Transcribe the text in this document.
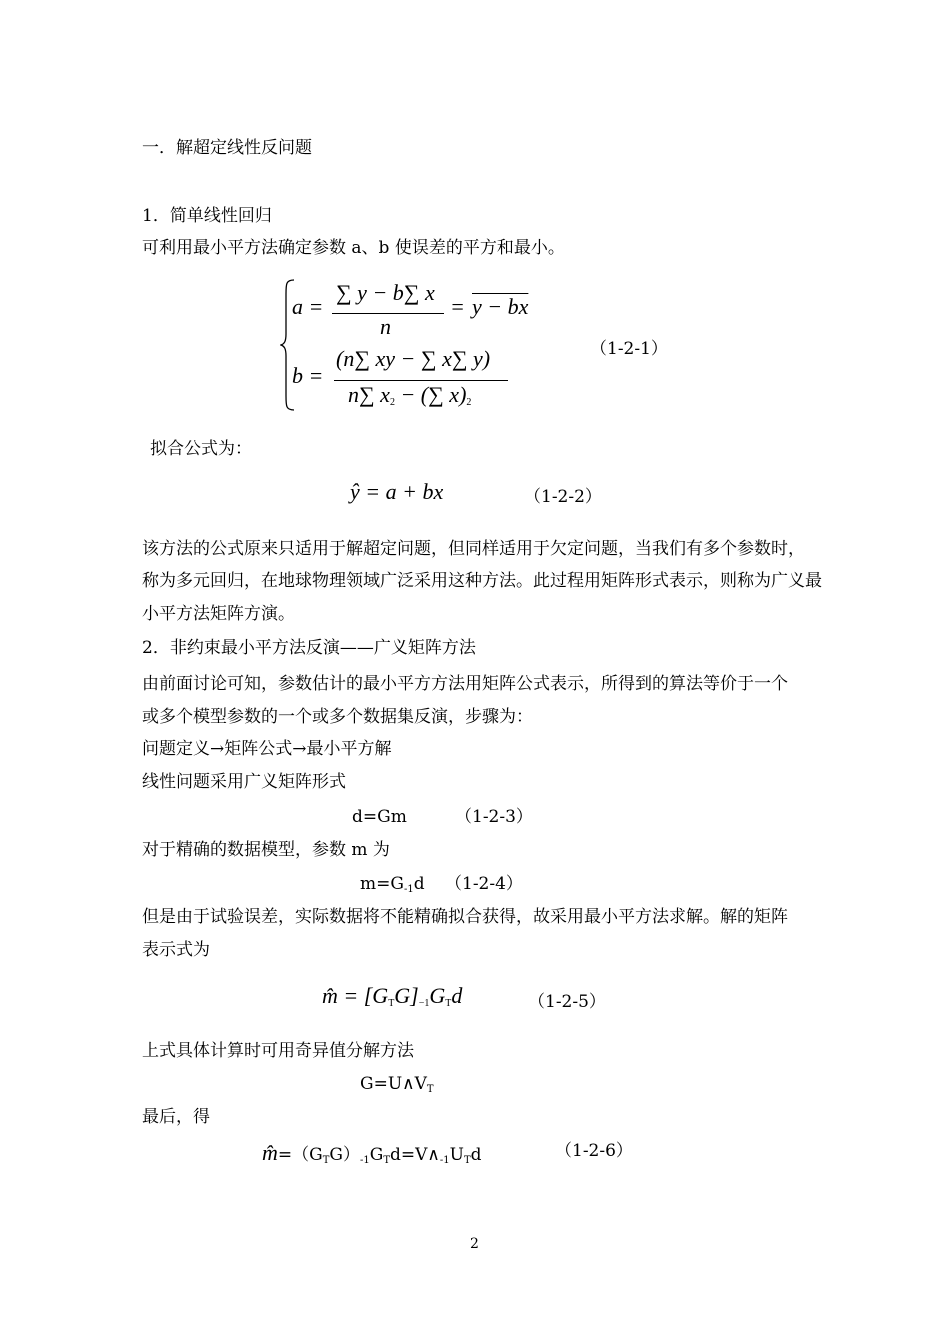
一．解超定线性反问题
1．简单线性回归
可利用最小平方法确定参数 a、b 使误差的平方和最小。
a =
∑ y − b∑ x
n
= y − bx
b =
(n∑ xy − ∑ x∑ y)
n∑ $x_2$ − (∑ $x)_2$
（1-2-1）
拟合公式为：
ŷ = a + bx	（1-2-2）
该方法的公式原来只适用于解超定问题，但同样适用于欠定问题，当我们有多个参数时，
称为多元回归，在地球物理领域广泛采用这种方法。此过程用矩阵形式表示，则称为广义最
小平方法矩阵方演。
2．非约束最小平方法反演——广义矩阵方法
由前面讨论可知，参数估计的最小平方方法用矩阵公式表示，所得到的算法等价于一个
或多个模型参数的一个或多个数据集反演，步骤为：
问题定义→矩阵公式→最小平方解
线性问题采用广义矩阵形式
d=Gm	（1-2-3）
对于精确的数据模型，参数 m 为
$m=G_{-1}d$ （1-2-4）
但是由于试验误差，实际数据将不能精确拟合获得，故采用最小平方法求解。解的矩阵
表示式为
m̂ = $[G_TG]_{-1}G_Td$	（1-2-5）
上式具体计算时可用奇异值分解方法
$G=U\wedge V_T$
最后，得
$m̂=(G_TG)_{-1}G_Td=V\wedge_{-1}U_Td$	（1-2-6）
2
